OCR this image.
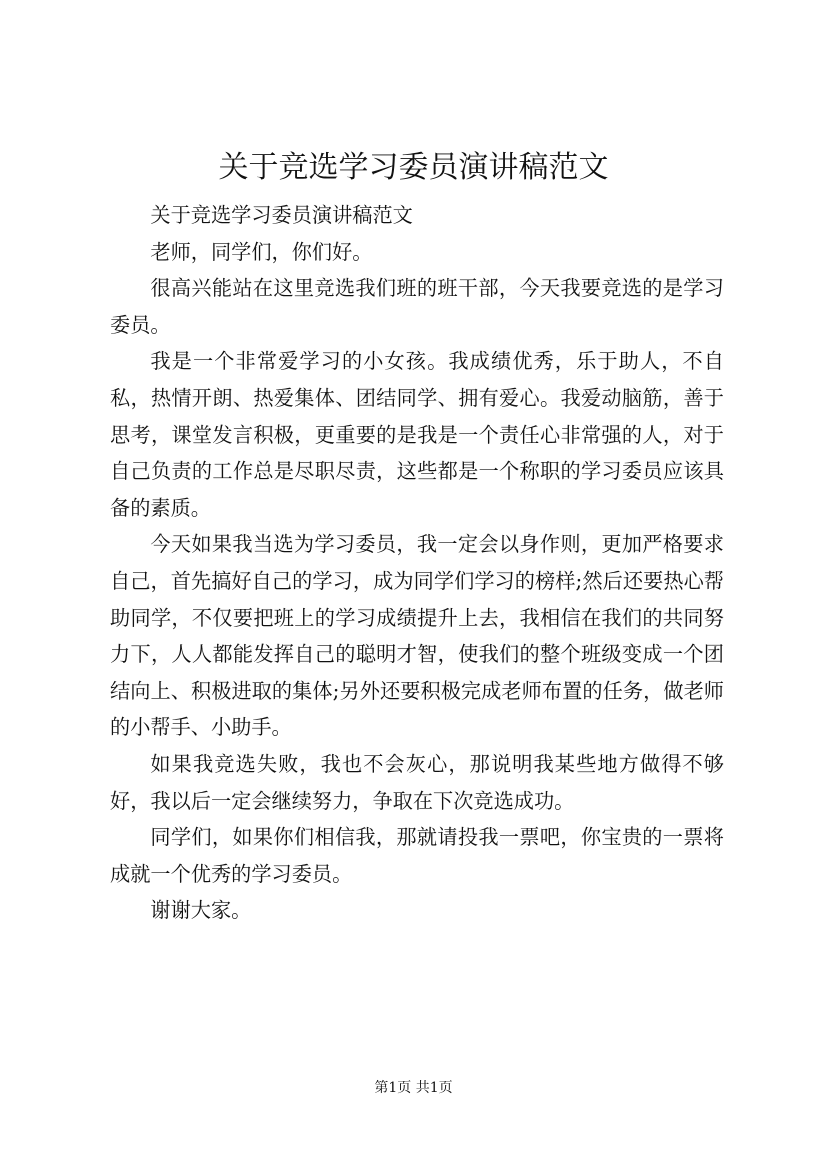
关于竞选学习委员演讲稿范文

关于竞选学习委员演讲稿范文

老师，同学们，你们好。

很高兴能站在这里竞选我们班的班干部，今天我要竞选的是学习委员。

我是一个非常爱学习的小女孩。我成绩优秀，乐于助人，不自私，热情开朗、热爱集体、团结同学、拥有爱心。我爱动脑筋，善于思考，课堂发言积极，更重要的是我是一个责任心非常强的人，对于自己负责的工作总是尽职尽责，这些都是一个称职的学习委员应该具备的素质。

今天如果我当选为学习委员，我一定会以身作则，更加严格要求自己，首先搞好自己的学习，成为同学们学习的榜样;然后还要热心帮助同学，不仅要把班上的学习成绩提升上去，我相信在我们的共同努力下，人人都能发挥自己的聪明才智，使我们的整个班级变成一个团结向上、积极进取的集体;另外还要积极完成老师布置的任务，做老师的小帮手、小助手。

如果我竞选失败，我也不会灰心，那说明我某些地方做得不够好，我以后一定会继续努力，争取在下次竞选成功。

同学们，如果你们相信我，那就请投我一票吧，你宝贵的一票将成就一个优秀的学习委员。

谢谢大家。

第1页 共1页
